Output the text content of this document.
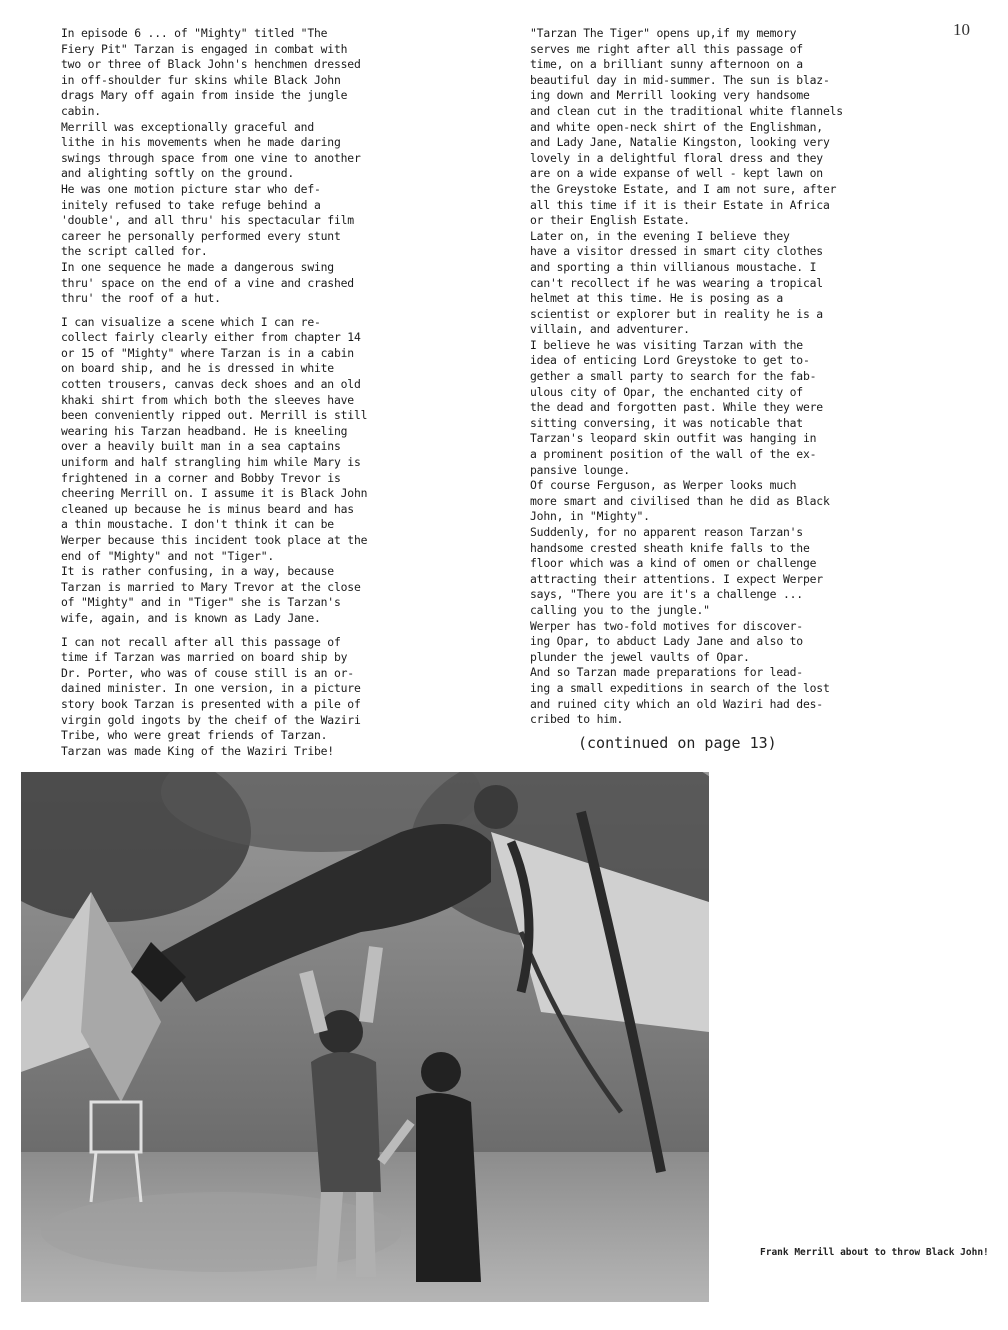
10

In episode 6 ... of "Mighty" titled "The
Fiery Pit" Tarzan is engaged in combat with
two or three of Black John's henchmen dressed
in off-shoulder fur skins while Black John
drags Mary off again from inside the jungle
cabin.

Merrill was exceptionally graceful and
lithe in his movements when he made daring
swings through space from one vine to another
and alighting softly on the ground.

He was one motion picture star who def-
initely refused to take refuge behind a
'double', and all thru' his spectacular film
career he personally performed every stunt
the script called for.

In one sequence he made a dangerous swing
thru' space on the end of a vine and crashed
thru' the roof of a hut.

I can visualize a scene which I can re-
collect fairly clearly either from chapter 14
or 15 of "Mighty" where Tarzan is in a cabin
on board ship, and he is dressed in white
cotten trousers, canvas deck shoes and an old
khaki shirt from which both the sleeves have
been conveniently ripped out. Merrill is still
wearing his Tarzan headband. He is kneeling
over a heavily built man in a sea captains
uniform and half strangling him while Mary is
frightened in a corner and Bobby Trevor is
cheering Merrill on. I assume it is Black John
cleaned up because he is minus beard and has
a thin moustache. I don't think it can be
Werper because this incident took place at the
end of "Mighty" and not "Tiger".

It is rather confusing, in a way, because
Tarzan is married to Mary Trevor at the close
of "Mighty" and in "Tiger" she is Tarzan's
wife, again, and is known as Lady Jane.

I can not recall after all this passage of
time if Tarzan was married on board ship by
Dr. Porter, who was of couse still is an or-
dained minister. In one version, in a picture
story book Tarzan is presented with a pile of
virgin gold ingots by the cheif of the Waziri
Tribe, who were great friends of Tarzan.
Tarzan was made King of the Waziri Tribe!

"Tarzan The Tiger" opens up,if my memory
serves me right after all this passage of
time, on a brilliant sunny afternoon on a
beautiful day in mid-summer. The sun is blaz-
ing down and Merrill looking very handsome
and clean cut in the traditional white flannels
and white open-neck shirt of the Englishman,
and Lady Jane, Natalie Kingston, looking very
lovely in a delightful floral dress and they
are on a wide expanse of well - kept lawn on
the Greystoke Estate, and I am not sure, after
all this time if it is their Estate in Africa
or their English Estate.

Later on, in the evening I believe they
have a visitor dressed in smart city clothes
and sporting a thin villianous moustache. I
can't recollect if he was wearing a tropical
helmet at this time. He is posing as a
scientist or explorer but in reality he is a
villain, and adventurer.

I believe he was visiting Tarzan with the
idea of enticing Lord Greystoke to get to-
gether a small party to search for the fab-
ulous city of Opar, the enchanted city of
the dead and forgotten past. While they were
sitting conversing, it was noticable that
Tarzan's leopard skin outfit was hanging in
a prominent position of the wall of the ex-
pansive lounge.

Of course Ferguson, as Werper looks much
more smart and civilised than he did as Black
John, in "Mighty".

Suddenly, for no apparent reason Tarzan's
handsome crested sheath knife falls to the
floor which was a kind of omen or challenge
attracting their attentions. I expect Werper
says, "There you are it's a challenge ...
calling you to the jungle."

Werper has two-fold motives for discover-
ing Opar, to abduct Lady Jane and also to
plunder the jewel vaults of Opar.

And so Tarzan made preparations for lead-
ing a small expeditions in search of the lost
and ruined city which an old Waziri had des-
cribed to him.

(continued on page 13)
Frank Merrill about to throw Black John!
